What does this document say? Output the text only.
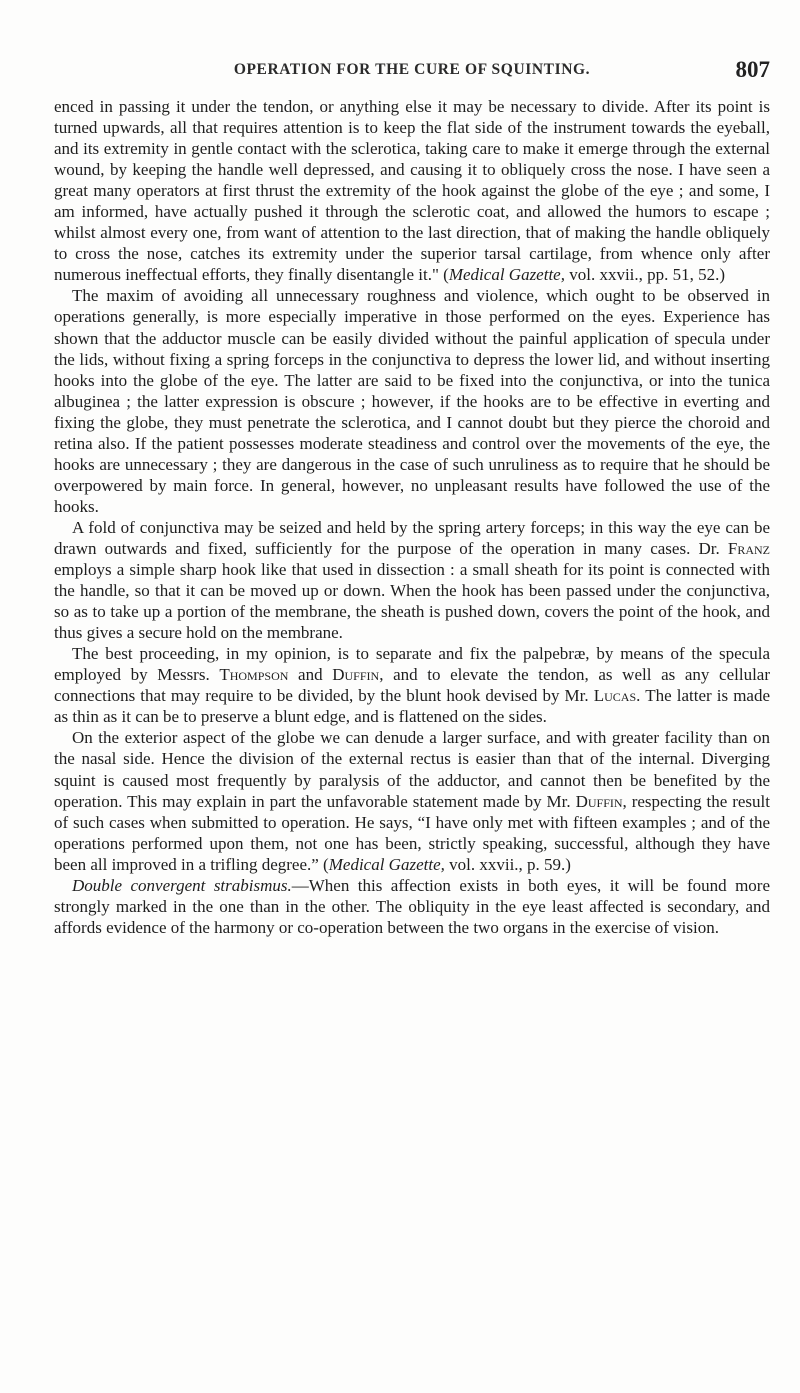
OPERATION FOR THE CURE OF SQUINTING.	807

enced in passing it under the tendon, or anything else it may be necessary to divide. After its point is turned upwards, all that requires attention is to keep the flat side of the instrument towards the eyeball, and its extremity in gentle contact with the sclerotica, taking care to make it emerge through the external wound, by keeping the handle well depressed, and causing it to obliquely cross the nose. I have seen a great many operators at first thrust the extremity of the hook against the globe of the eye ; and some, I am informed, have actually pushed it through the sclerotic coat, and allowed the humors to escape ; whilst almost every one, from want of attention to the last direction, that of making the handle obliquely to cross the nose, catches its extremity under the superior tarsal cartilage, from whence only after numerous ineffectual efforts, they finally disentangle it." (Medical Gazette, vol. xxvii., pp. 51, 52.)

The maxim of avoiding all unnecessary roughness and violence, which ought to be observed in operations generally, is more especially imperative in those performed on the eyes. Experience has shown that the adductor muscle can be easily divided without the painful application of specula under the lids, without fixing a spring forceps in the conjunctiva to depress the lower lid, and without inserting hooks into the globe of the eye. The latter are said to be fixed into the conjunctiva, or into the tunica albuginea ; the latter expression is obscure ; however, if the hooks are to be effective in everting and fixing the globe, they must penetrate the sclerotica, and I cannot doubt but they pierce the choroid and retina also. If the patient possesses moderate steadiness and control over the movements of the eye, the hooks are unnecessary ; they are dangerous in the case of such unruliness as to require that he should be overpowered by main force. In general, however, no unpleasant results have followed the use of the hooks.

A fold of conjunctiva may be seized and held by the spring artery forceps; in this way the eye can be drawn outwards and fixed, sufficiently for the purpose of the operation in many cases. Dr. Franz employs a simple sharp hook like that used in dissection : a small sheath for its point is connected with the handle, so that it can be moved up or down. When the hook has been passed under the conjunctiva, so as to take up a portion of the membrane, the sheath is pushed down, covers the point of the hook, and thus gives a secure hold on the membrane.

The best proceeding, in my opinion, is to separate and fix the palpebræ, by means of the specula employed by Messrs. Thompson and Duffin, and to elevate the tendon, as well as any cellular connections that may require to be divided, by the blunt hook devised by Mr. Lucas. The latter is made as thin as it can be to preserve a blunt edge, and is flattened on the sides.

On the exterior aspect of the globe we can denude a larger surface, and with greater facility than on the nasal side. Hence the division of the external rectus is easier than that of the internal. Diverging squint is caused most frequently by paralysis of the adductor, and cannot then be benefited by the operation. This may explain in part the unfavorable statement made by Mr. Duffin, respecting the result of such cases when submitted to operation. He says, “I have only met with fifteen examples ; and of the operations performed upon them, not one has been, strictly speaking, successful, although they have been all improved in a trifling degree.” (Medical Gazette, vol. xxvii., p. 59.)

Double convergent strabismus.—When this affection exists in both eyes, it will be found more strongly marked in the one than in the other. The obliquity in the eye least affected is secondary, and affords evidence of the harmony or co-operation between the two organs in the exercise of vision.
